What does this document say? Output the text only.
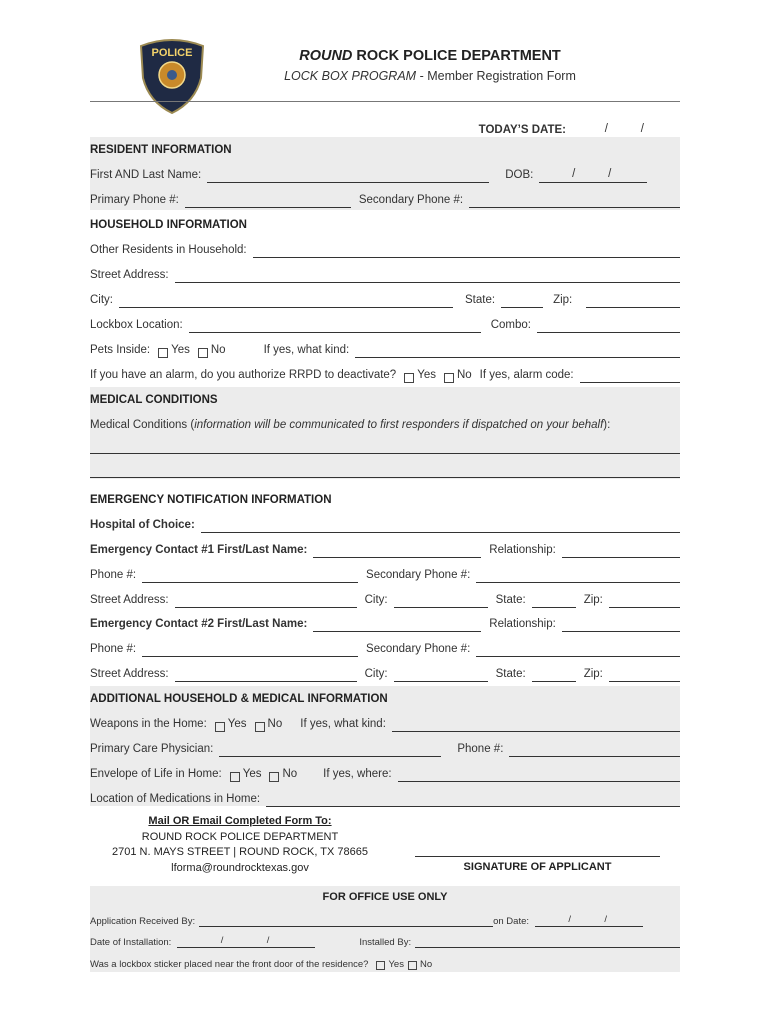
POLICE	ROUND ROCK POLICE DEPARTMENT
LOCK BOX PROGRAM - Member Registration Form
TODAY’S DATE:	/	/
RESIDENT INFORMATION
First AND Last Name:	DOB:	/	/
Primary Phone #:	Secondary Phone #:
HOUSEHOLD INFORMATION
Other Residents in Household:
Street Address:
City:	State:	Zip:
Lockbox Location:	Combo:
Pets Inside: Yes No	If yes, what kind:
If you have an alarm, do you authorize RRPD to deactivate? Yes No If yes, alarm code:
MEDICAL CONDITIONS
Medical Conditions (information will be communicated to first responders if dispatched on your behalf):
EMERGENCY NOTIFICATION INFORMATION
Hospital of Choice:
Emergency Contact #1 First/Last Name:	Relationship:
Phone #:	Secondary Phone #:
Street Address:	City:	State:	Zip:
Emergency Contact #2 First/Last Name:	Relationship:
Phone #:	Secondary Phone #:
Street Address:	City:	State:	Zip:
ADDITIONAL HOUSEHOLD & MEDICAL INFORMATION
Weapons in the Home: Yes No If yes, what kind:
Primary Care Physician:	Phone #:
Envelope of Life in Home: Yes No If yes, where:
Location of Medications in Home:
Mail OR Email Completed Form To:
ROUND ROCK POLICE DEPARTMENT
2701 N. MAYS STREET | ROUND ROCK, TX 78665
lforma@roundrocktexas.gov	SIGNATURE OF APPLICANT
FOR OFFICE USE ONLY
Application Received By:	on Date:	/	/
Date of Installation:	/	/	Installed By:
Was a lockbox sticker placed near the front door of the residence? Yes No
